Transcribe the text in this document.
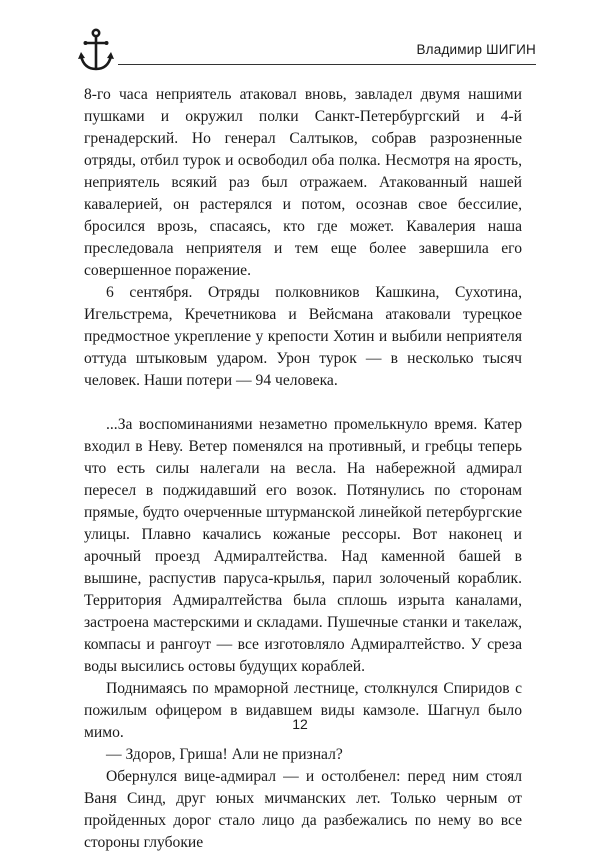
Владимир ШИГИН

8-го часа неприятель атаковал вновь, завладел двумя нашими пушками и окружил полки Санкт-Петербургский и 4-й гренадерский. Но генерал Салтыков, собрав разрозненные отряды, отбил турок и освободил оба полка. Несмотря на ярость, неприятель всякий раз был отражаем. Атакованный нашей кавалерией, он растерялся и потом, осознав свое бессилие, бросился врозь, спасаясь, кто где может. Кавалерия наша преследовала неприятеля и тем еще более завершила его совершенное поражение.

6 сентября. Отряды полковников Кашкина, Сухотина, Игельстрема, Кречетникова и Вейсмана атаковали турецкое предмостное укрепление у крепости Хотин и выбили неприятеля оттуда штыковым ударом. Урон турок — в несколько тысяч человек. Наши потери — 94 человека.

...За воспоминаниями незаметно промелькнуло время. Катер входил в Неву. Ветер поменялся на противный, и гребцы теперь что есть силы налегали на весла. На набережной адмирал пересел в поджидавший его возок. Потянулись по сторонам прямые, будто очерченные штурманской линейкой петербургские улицы. Плавно качались кожаные рессоры. Вот наконец и арочный проезд Адмиралтейства. Над каменной башей в вышине, распустив паруса-крылья, парил золоченый кораблик. Территория Адмиралтейства была сплошь изрыта каналами, застроена мастерскими и складами. Пушечные станки и такелаж, компасы и рангоут — все изготовляло Адмиралтейство. У среза воды высились остовы будущих кораблей.

Поднимаясь по мраморной лестнице, столкнулся Спиридов с пожилым офицером в видавшем виды камзоле. Шагнул было мимо.

— Здоров, Гриша! Али не признал?

Обернулся вице-адмирал — и остолбенел: перед ним стоял Ваня Синд, друг юных мичманских лет. Только черным от пройденных дорог стало лицо да разбежались по нему во все стороны глубокие

12
